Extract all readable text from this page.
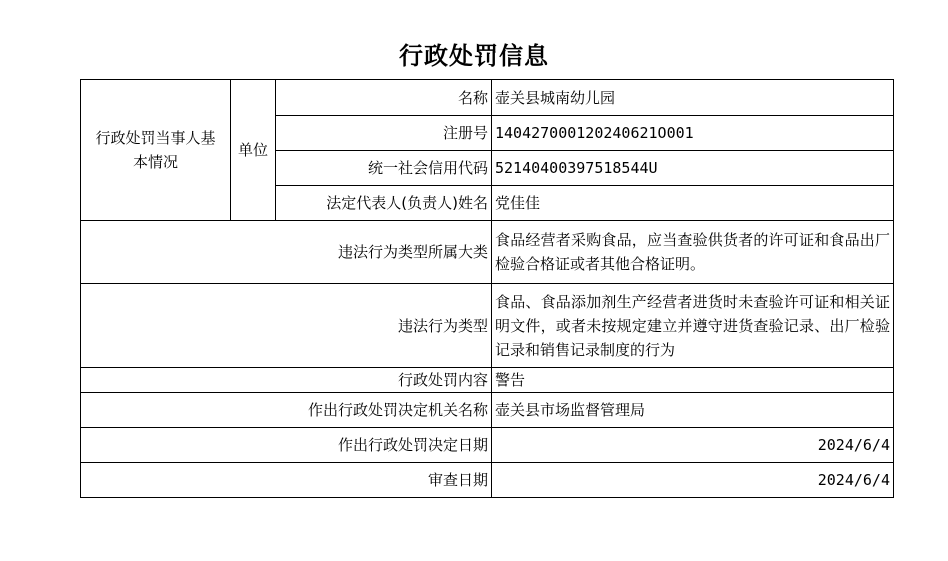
行政处罚信息
行政处罚当事人基本情况	单位	名称	壶关县城南幼儿园
		注册号	140427000120240621O001
		统一社会信用代码	52140400397518544U
		法定代表人(负责人)姓名	党佳佳
违法行为类型所属大类			食品经营者采购食品，应当查验供货者的许可证和食品出厂检验合格证或者其他合格证明。
违法行为类型			食品、食品添加剂生产经营者进货时未查验许可证和相关证明文件，或者未按规定建立并遵守进货查验记录、出厂检验记录和销售记录制度的行为
行政处罚内容			警告
作出行政处罚决定机关名称			壶关县市场监督管理局
作出行政处罚决定日期			2024/6/4
审查日期			2024/6/4
